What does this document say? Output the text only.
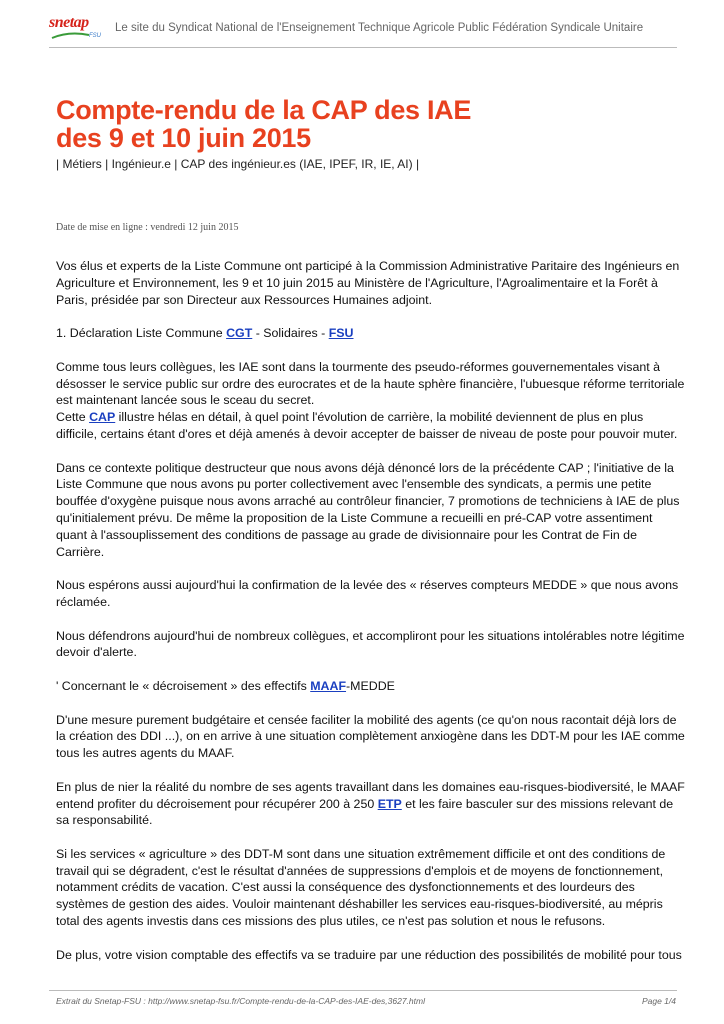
snetap
FSU
Le site du Syndicat National de l'Enseignement Technique Agricole Public Fédération Syndicale Unitaire
Compte-rendu de la CAP des IAE
des 9 et 10 juin 2015
| Métiers | Ingénieur.e | CAP des ingénieur.es (IAE, IPEF, IR, IE, AI) |
Date de mise en ligne : vendredi 12 juin 2015

Vos élus et experts de la Liste Commune ont participé à la Commission Administrative Paritaire des Ingénieurs en Agriculture et Environnement, les 9 et 10 juin 2015 au Ministère de l'Agriculture, l'Agroalimentaire et la Forêt à Paris, présidée par son Directeur aux Ressources Humaines adjoint.

1. Déclaration Liste Commune CGT - Solidaires - FSU

Comme tous leurs collègues, les IAE sont dans la tourmente des pseudo-réformes gouvernementales visant à désosser le service public sur ordre des eurocrates et de la haute sphère financière, l'ubuesque réforme territoriale est maintenant lancée sous le sceau du secret.

Cette CAP illustre hélas en détail, à quel point l'évolution de carrière, la mobilité deviennent de plus en plus difficile, certains étant d'ores et déjà amenés à devoir accepter de baisser de niveau de poste pour pouvoir muter.

Dans ce contexte politique destructeur que nous avons déjà dénoncé lors de la précédente CAP ; l'initiative de la Liste Commune que nous avons pu porter collectivement avec l'ensemble des syndicats, a permis une petite bouffée d'oxygène puisque nous avons arraché au contrôleur financier, 7 promotions de techniciens à IAE de plus qu'initialement prévu. De même la proposition de la Liste Commune a recueilli en pré-CAP votre assentiment quant à l'assouplissement des conditions de passage au grade de divisionnaire pour les Contrat de Fin de Carrière.

Nous espérons aussi aujourd'hui la confirmation de la levée des « réserves compteurs MEDDE » que nous avons réclamée.

Nous défendrons aujourd'hui de nombreux collègues, et accompliront pour les situations intolérables notre légitime devoir d'alerte.

' Concernant le « décroisement » des effectifs MAAF-MEDDE

D'une mesure purement budgétaire et censée faciliter la mobilité des agents (ce qu'on nous racontait déjà lors de la création des DDI ...), on en arrive à une situation complètement anxiogène dans les DDT-M pour les IAE comme tous les autres agents du MAAF.

En plus de nier la réalité du nombre de ses agents travaillant dans les domaines eau-risques-biodiversité, le MAAF entend profiter du décroisement pour récupérer 200 à 250 ETP et les faire basculer sur des missions relevant de sa responsabilité.

Si les services « agriculture » des DDT-M sont dans une situation extrêmement difficile et ont des conditions de travail qui se dégradent, c'est le résultat d'années de suppressions d'emplois et de moyens de fonctionnement, notamment crédits de vacation. C'est aussi la conséquence des dysfonctionnements et des lourdeurs des systèmes de gestion des aides. Vouloir maintenant déshabiller les services eau-risques-biodiversité, au mépris total des agents investis dans ces missions des plus utiles, ce n'est pas solution et nous le refusons.

De plus, votre vision comptable des effectifs va se traduire par une réduction des possibilités de mobilité pour tous

Extrait du Snetap-FSU : http://www.snetap-fsu.fr/Compte-rendu-de-la-CAP-des-IAE-des,3627.html	Page 1/4
